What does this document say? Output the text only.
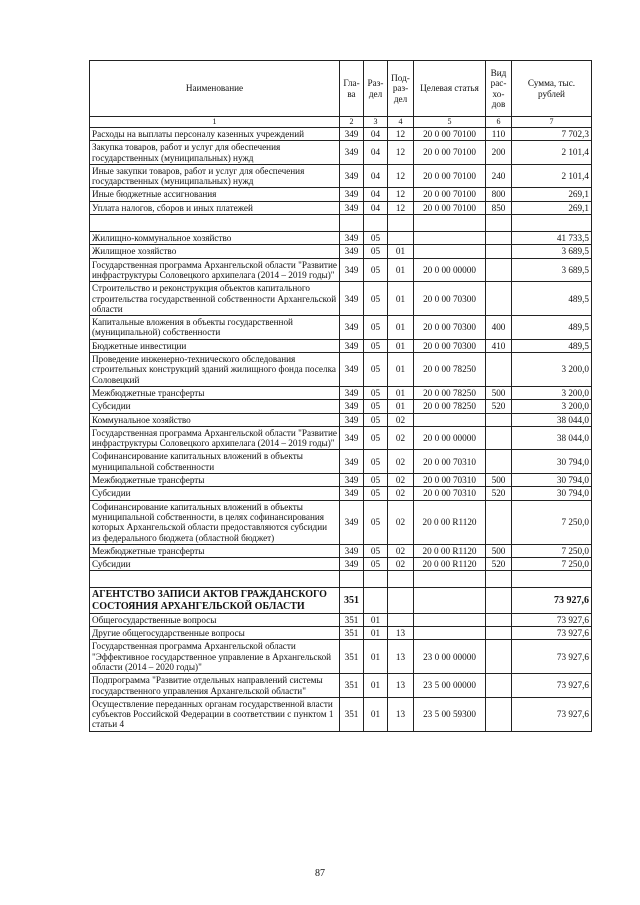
Наименование	Гла-ва	Раз-дел	Под-раз-дел	Целевая статья	Вид рас-хо-дов	Сумма, тыс. рублей
1	2	3	4	5	6	7
Расходы на выплаты персоналу казенных учреждений	349	04	12	20 0 00 70100	110	7 702,3
Закупка товаров, работ и услуг для обеспечения государственных (муниципальных) нужд	349	04	12	20 0 00 70100	200	2 101,4
Иные закупки товаров, работ и услуг для обеспечения государственных (муниципальных) нужд	349	04	12	20 0 00 70100	240	2 101,4
Иные бюджетные ассигнования	349	04	12	20 0 00 70100	800	269,1
Уплата налогов, сборов и иных платежей	349	04	12	20 0 00 70100	850	269,1

Жилищно-коммунальное хозяйство	349	05				41 733,5
Жилищное хозяйство	349	05	01			3 689,5
Государственная программа Архангельской области "Развитие инфраструктуры Соловецкого архипелага (2014 – 2019 годы)"	349	05	01	20 0 00 00000		3 689,5
Строительство и реконструкция объектов капитального строительства государственной собственности Архангельской области	349	05	01	20 0 00 70300		489,5
Капитальные вложения в объекты государственной (муниципальной) собственности	349	05	01	20 0 00 70300	400	489,5
Бюджетные инвестиции	349	05	01	20 0 00 70300	410	489,5
Проведение инженерно-технического обследования строительных конструкций зданий жилищного фонда поселка Соловецкий	349	05	01	20 0 00 78250		3 200,0
Межбюджетные трансферты	349	05	01	20 0 00 78250	500	3 200,0
Субсидии	349	05	01	20 0 00 78250	520	3 200,0
Коммунальное хозяйство	349	05	02			38 044,0
Государственная программа Архангельской области "Развитие инфраструктуры Соловецкого архипелага (2014 – 2019 годы)"	349	05	02	20 0 00 00000		38 044,0
Софинансирование капитальных вложений в объекты муниципальной собственности	349	05	02	20 0 00 70310		30 794,0
Межбюджетные трансферты	349	05	02	20 0 00 70310	500	30 794,0
Субсидии	349	05	02	20 0 00 70310	520	30 794,0
Софинансирование капитальных вложений в объекты муниципальной собственности, в целях софинансирования которых Архангельской области предоставляются субсидии из федерального бюджета (областной бюджет)	349	05	02	20 0 00 R1120		7 250,0
Межбюджетные трансферты	349	05	02	20 0 00 R1120	500	7 250,0
Субсидии	349	05	02	20 0 00 R1120	520	7 250,0

АГЕНТСТВО ЗАПИСИ АКТОВ ГРАЖДАНСКОГО СОСТОЯНИЯ АРХАНГЕЛЬСКОЙ ОБЛАСТИ	351					73 927,6
Общегосударственные вопросы	351	01				73 927,6
Другие общегосударственные вопросы	351	01	13			73 927,6
Государственная программа Архангельской области "Эффективное государственное управление в Архангельской области (2014 – 2020 годы)"	351	01	13	23 0 00 00000		73 927,6
Подпрограмма "Развитие отдельных направлений системы государственного управления Архангельской области"	351	01	13	23 5 00 00000		73 927,6
Осуществление переданных органам государственной власти субъектов Российской Федерации в соответствии с пунктом 1 статьи 4	351	01	13	23 5 00 59300		73 927,6
87
